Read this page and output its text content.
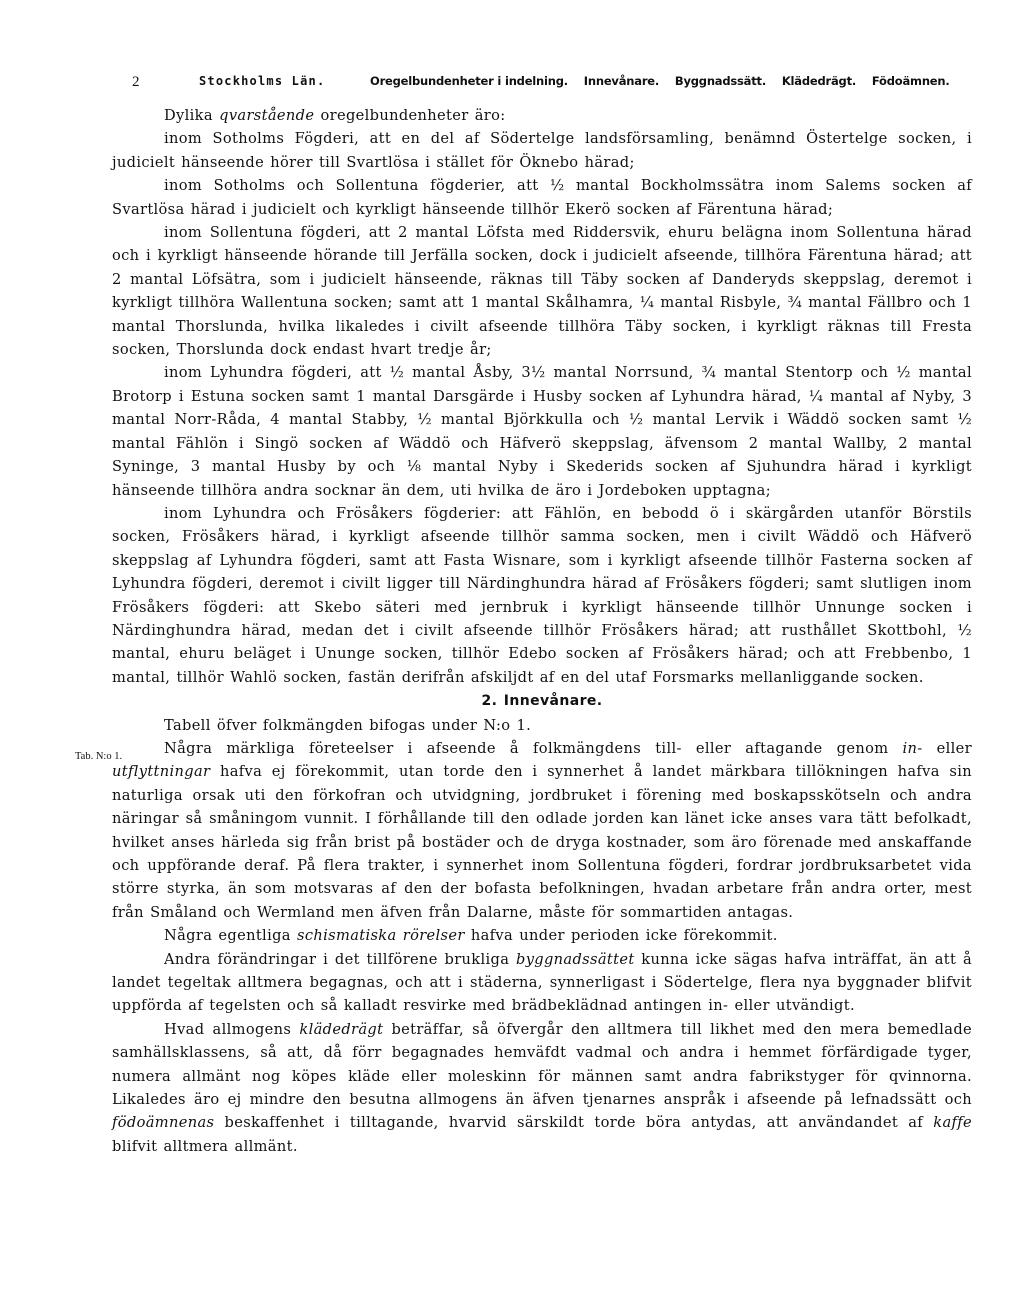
2	Stockholms Län.	Oregelbundenheter i indelning. Innevånare. Byggnadssätt. Klädedrägt. Födoämnen.
Tab. N:o 1.

Dylika qvarstående oregelbundenheter äro:

inom Sotholms Fögderi, att en del af Södertelge landsförsamling, benämnd Östertelge socken, i judicielt hänseende hörer till Svartlösa i stället för Öknebo härad;

inom Sotholms och Sollentuna fögderier, att ½ mantal Bockholmssätra inom Salems socken af Svartlösa härad i judicielt och kyrkligt hänseende tillhör Ekerö socken af Färentuna härad;

inom Sollentuna fögderi, att 2 mantal Löfsta med Riddersvik, ehuru belägna inom Sollentuna härad och i kyrkligt hänseende hörande till Jerfälla socken, dock i judicielt afseende, tillhöra Färentuna härad; att 2 mantal Löfsätra, som i judicielt hänseende, räknas till Täby socken af Danderyds skeppslag, deremot i kyrkligt tillhöra Wallentuna socken; samt att 1 mantal Skålhamra, ¼ mantal Risbyle, ¾ mantal Fällbro och 1 mantal Thorslunda, hvilka likaledes i civilt afseende tillhöra Täby socken, i kyrkligt räknas till Fresta socken, Thorslunda dock endast hvart tredje år;

inom Lyhundra fögderi, att ½ mantal Åsby, 3½ mantal Norrsund, ¾ mantal Stentorp och ½ mantal Brotorp i Estuna socken samt 1 mantal Darsgärde i Husby socken af Lyhundra härad, ¼ mantal af Nyby, 3 mantal Norr-Råda, 4 mantal Stabby, ½ mantal Björkkulla och ½ mantal Lervik i Wäddö socken samt ½ mantal Fählön i Singö socken af Wäddö och Häfverö skeppslag, äfvensom 2 mantal Wallby, 2 mantal Syninge, 3 mantal Husby by och ⅛ mantal Nyby i Skederids socken af Sjuhundra härad i kyrkligt hänseende tillhöra andra socknar än dem, uti hvilka de äro i Jordeboken upptagna;

inom Lyhundra och Frösåkers fögderier: att Fählön, en bebodd ö i skärgården utanför Börstils socken, Frösåkers härad, i kyrkligt afseende tillhör samma socken, men i civilt Wäddö och Häfverö skeppslag af Lyhundra fögderi, samt att Fasta Wisnare, som i kyrkligt afseende tillhör Fasterna socken af Lyhundra fögderi, deremot i civilt ligger till Närdinghundra härad af Frösåkers fögderi; samt slutligen inom Frösåkers fögderi: att Skebo säteri med jernbruk i kyrkligt hänseende tillhör Unnunge socken i Närdinghundra härad, medan det i civilt afseende tillhör Frösåkers härad; att rusthållet Skottbohl, ½ mantal, ehuru beläget i Ununge socken, tillhör Edebo socken af Frösåkers härad; och att Frebbenbo, 1 mantal, tillhör Wahlö socken, fastän derifrån afskiljdt af en del utaf Forsmarks mellanliggande socken.

2. Innevånare.

Tabell öfver folkmängden bifogas under N:o 1.

Några märkliga företeelser i afseende å folkmängdens till- eller aftagande genom in- eller utflyttningar hafva ej förekommit, utan torde den i synnerhet å landet märkbara tillökningen hafva sin naturliga orsak uti den förkofran och utvidgning, jordbruket i förening med boskapsskötseln och andra näringar så småningom vunnit. I förhållande till den odlade jorden kan länet icke anses vara tätt befolkadt, hvilket anses härleda sig från brist på bostäder och de dryga kostnader, som äro förenade med anskaffande och uppförande deraf. På flera trakter, i synnerhet inom Sollentuna fögderi, fordrar jordbruksarbetet vida större styrka, än som motsvaras af den der bofasta befolkningen, hvadan arbetare från andra orter, mest från Småland och Wermland men äfven från Dalarne, måste för sommartiden antagas.

Några egentliga schismatiska rörelser hafva under perioden icke förekommit.

Andra förändringar i det tillförene brukliga byggnadssättet kunna icke sägas hafva inträffat, än att å landet tegeltak alltmera begagnas, och att i städerna, synnerligast i Södertelge, flera nya byggnader blifvit uppförda af tegelsten och så kalladt resvirke med brädbeklädnad antingen in- eller utvändigt.

Hvad allmogens klädedrägt beträffar, så öfvergår den alltmera till likhet med den mera bemedlade samhällsklassens, så att, då förr begagnades hemväfdt vadmal och andra i hemmet förfärdigade tyger, numera allmänt nog köpes kläde eller moleskinn för männen samt andra fabrikstyger för qvinnorna. Likaledes äro ej mindre den besutna allmogens än äfven tjenarnes anspråk i afseende på lefnadssätt och födoämnenas beskaffenhet i tilltagande, hvarvid särskildt torde böra antydas, att användandet af kaffe blifvit alltmera allmänt.
